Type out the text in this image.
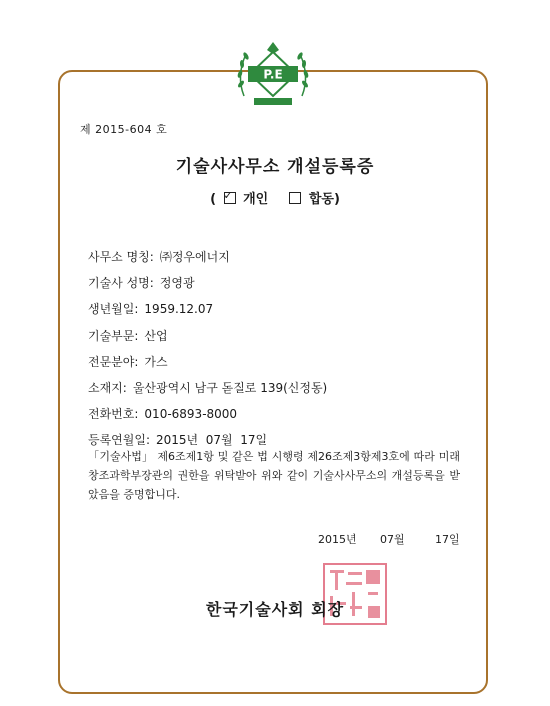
P.E
제 2015-604 호
기술사사무소 개설등록증
( ✓ 개인	합동)
사무소 명칭: ㈜정우에너지
기술사 성명: 정영광
생년월일: 1959.12.07
기술부문: 산업
전문분야: 가스
소재지: 울산광역시 남구 돋질로 139(신정동)
전화번호: 010-6893-8000
등록연월일: 2015년  07월  17일
「기술사법」 제6조제1항 및 같은 법 시행령 제26조제3항제3호에 따라 미래창조과학부장관의 권한을 위탁받아 위와 같이 기술사사무소의 개설등록을 받았음을 증명합니다.
2015년 07월	17일
한국기술사회 회장
